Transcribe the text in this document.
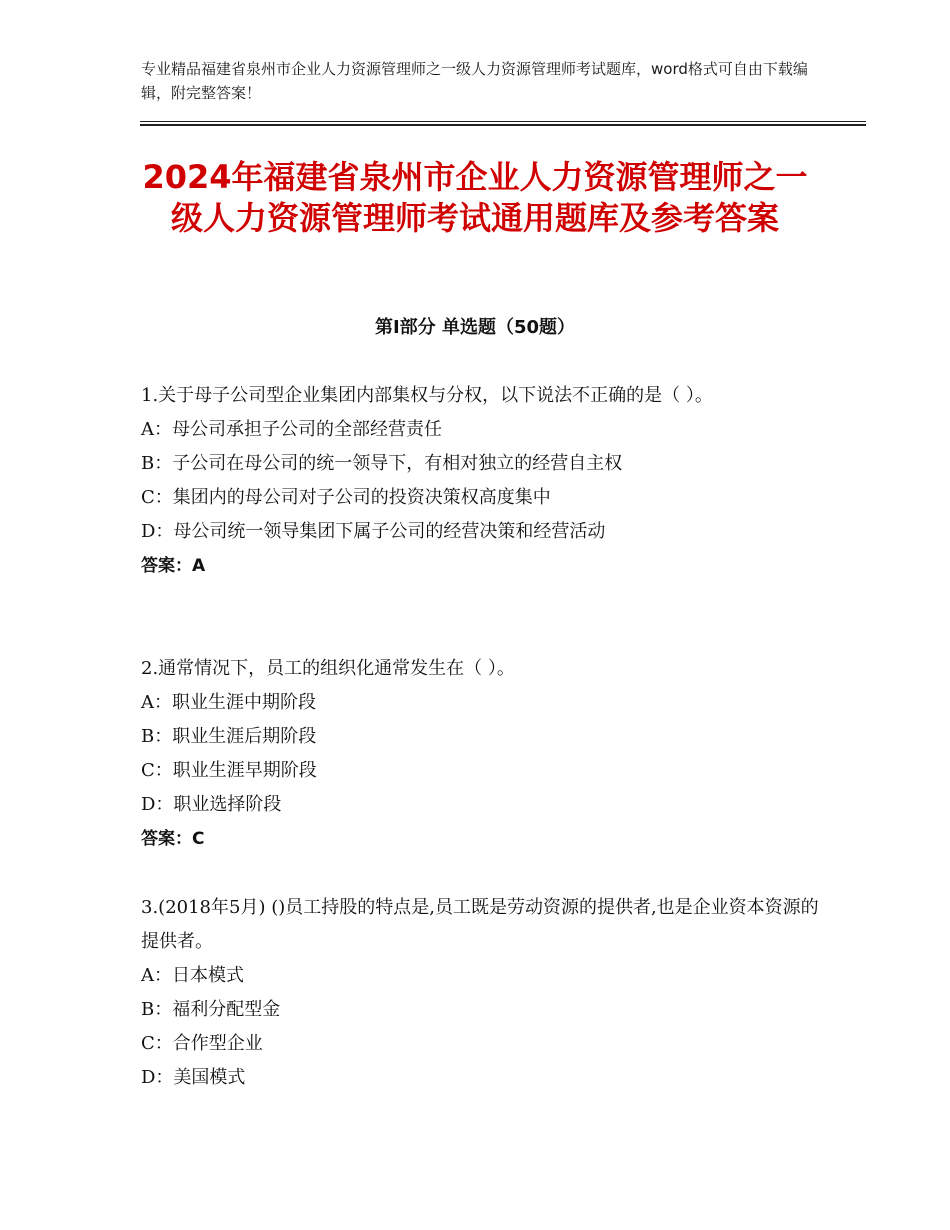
专业精品福建省泉州市企业人力资源管理师之一级人力资源管理师考试题库，word格式可自由下载编辑，附完整答案！
2024年福建省泉州市企业人力资源管理师之一级人力资源管理师考试通用题库及参考答案
第Ⅰ部分 单选题（50题）

1.关于母子公司型企业集团内部集权与分权，以下说法不正确的是（ ）。

A：母公司承担子公司的全部经营责任

B：子公司在母公司的统一领导下，有相对独立的经营自主权

C：集团内的母公司对子公司的投资决策权高度集中

D：母公司统一领导集团下属子公司的经营决策和经营活动

答案：A

2.通常情况下，员工的组织化通常发生在（ ）。

A：职业生涯中期阶段

B：职业生涯后期阶段

C：职业生涯早期阶段

D：职业选择阶段

答案：C

3.(2018年5月) ()员工持股的特点是,员工既是劳动资源的提供者,也是企业资本资源的提供者。

A：日本模式

B：福利分配型金

C：合作型企业

D：美国模式
